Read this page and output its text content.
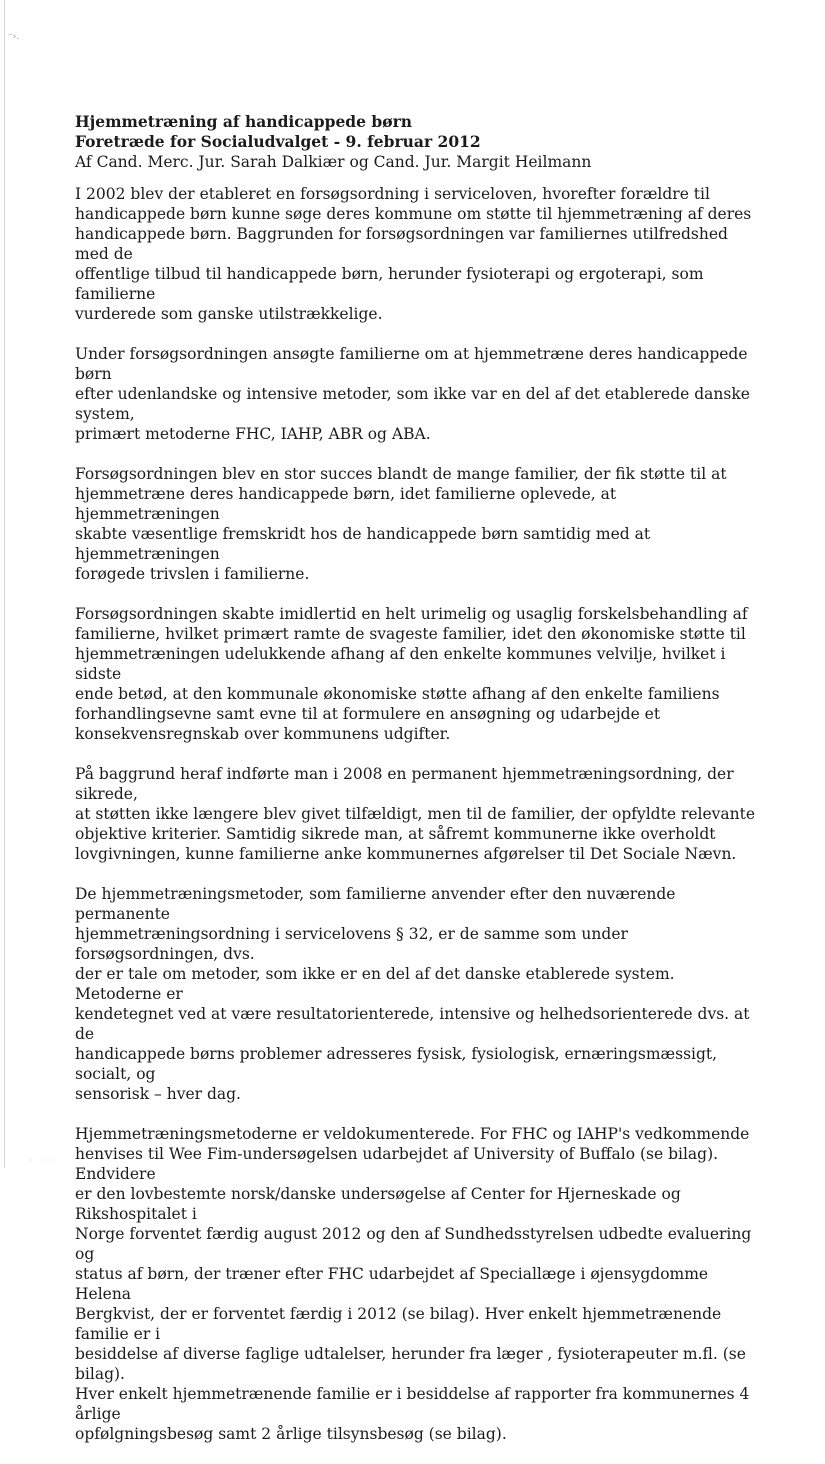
⁻›.
· · ·
Hjemmetræning af handicappede børn
Foretræde for Socialudvalget - 9. februar 2012
Af Cand. Merc. Jur. Sarah Dalkiær og Cand. Jur. Margit Heilmann
I 2002 blev der etableret en forsøgsordning i serviceloven, hvorefter forældre til
handicappede børn kunne søge deres kommune om støtte til hjemmetræning af deres
handicappede børn. Baggrunden for forsøgsordningen var familiernes utilfredshed med de
offentlige tilbud til handicappede børn, herunder fysioterapi og ergoterapi, som familierne
vurderede som ganske utilstrækkelige.
Under forsøgsordningen ansøgte familierne om at hjemmetræne deres handicappede børn
efter udenlandske og intensive metoder, som ikke var en del af det etablerede danske system,
primært metoderne FHC, IAHP, ABR og ABA.
Forsøgsordningen blev en stor succes blandt de mange familier, der fik støtte til at
hjemmetræne deres handicappede børn, idet familierne oplevede, at hjemmetræningen
skabte væsentlige fremskridt hos de handicappede børn samtidig med at hjemmetræningen
forøgede trivslen i familierne.
Forsøgsordningen skabte imidlertid en helt urimelig og usaglig forskelsbehandling af
familierne, hvilket primært ramte de svageste familier, idet den økonomiske støtte til
hjemmetræningen udelukkende afhang af den enkelte kommunes velvilje, hvilket i sidste
ende betød, at den kommunale økonomiske støtte afhang af den enkelte familiens
forhandlingsevne samt evne til at formulere en ansøgning og udarbejde et
konsekvensregnskab over kommunens udgifter.
På baggrund heraf indførte man i 2008 en permanent hjemmetræningsordning, der sikrede,
at støtten ikke længere blev givet tilfældigt, men til de familier, der opfyldte relevante
objektive kriterier. Samtidig sikrede man, at såfremt kommunerne ikke overholdt
lovgivningen, kunne familierne anke kommunernes afgørelser til Det Sociale Nævn.
De hjemmetræningsmetoder, som familierne anvender efter den nuværende permanente
hjemmetræningsordning i servicelovens § 32, er de samme som under forsøgsordningen, dvs.
der er tale om metoder, som ikke er en del af det danske etablerede system. Metoderne er
kendetegnet ved at være resultatorienterede, intensive og helhedsorienterede dvs. at de
handicappede børns problemer adresseres fysisk, fysiologisk, ernæringsmæssigt, socialt, og
sensorisk – hver dag.
Hjemmetræningsmetoderne er veldokumenterede. For FHC og IAHP's vedkommende
henvises til Wee Fim-undersøgelsen udarbejdet af University of Buffalo (se bilag). Endvidere
er den lovbestemte norsk/danske undersøgelse af Center for Hjerneskade og Rikshospitalet i
Norge forventet færdig august 2012 og den af Sundhedsstyrelsen udbedte evaluering og
status af børn, der træner efter FHC udarbejdet af Speciallæge i øjensygdomme Helena
Bergkvist, der er forventet færdig i 2012 (se bilag). Hver enkelt hjemmetrænende familie er i
besiddelse af diverse faglige udtalelser, herunder fra læger , fysioterapeuter m.fl. (se bilag).
Hver enkelt hjemmetrænende familie er i besiddelse af rapporter fra kommunernes 4 årlige
opfølgningsbesøg samt 2 årlige tilsynsbesøg (se bilag).
